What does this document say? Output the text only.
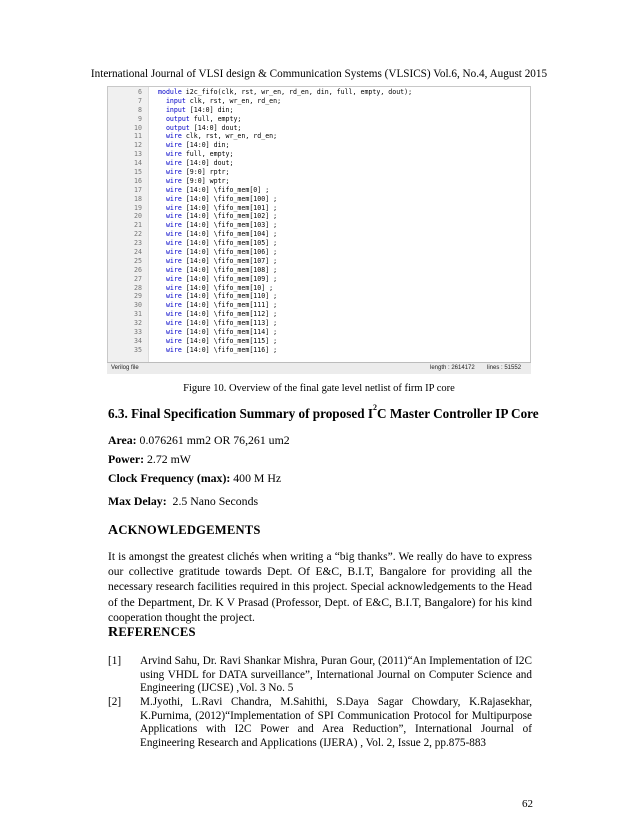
International Journal of VLSI design & Communication Systems (VLSICS) Vol.6, No.4, August 2015
6 module i2c_fifo(clk, rst, wr_en, rd_en, din, full, empty, dout);
7	input clk, rst, wr_en, rd_en;
8	input [14:0] din;
9	output full, empty;
10	output [14:0] dout;
11	wire clk, rst, wr_en, rd_en;
12	wire [14:0] din;
13	wire full, empty;
14	wire [14:0] dout;
15	wire [9:0] rptr;
16	wire [9:0] wptr;
17	wire [14:0] \fifo_mem[0] ;
18	wire [14:0] \fifo_mem[100] ;
19	wire [14:0] \fifo_mem[101] ;
20	wire [14:0] \fifo_mem[102] ;
21	wire [14:0] \fifo_mem[103] ;
22	wire [14:0] \fifo_mem[104] ;
23	wire [14:0] \fifo_mem[105] ;
24	wire [14:0] \fifo_mem[106] ;
25	wire [14:0] \fifo_mem[107] ;
26	wire [14:0] \fifo_mem[108] ;
27	wire [14:0] \fifo_mem[109] ;
28	wire [14:0] \fifo_mem[10] ;
29	wire [14:0] \fifo_mem[110] ;
30	wire [14:0] \fifo_mem[111] ;
31	wire [14:0] \fifo_mem[112] ;
32	wire [14:0] \fifo_mem[113] ;
33	wire [14:0] \fifo_mem[114] ;
34	wire [14:0] \fifo_mem[115] ;
35	wire [14:0] \fifo_mem[116] ;
Verilog file	length : 2614172 lines : 51552
Figure 10. Overview of the final gate level netlist of firm IP core
6.3. Final Specification Summary of proposed $I^2C$ Master Controller IP Core
Area: 0.076261 mm2 OR 76,261 um2
Power: 2.72 mW
Clock Frequency (max): 400 M Hz
Max Delay:  2.5 Nano Seconds
ACKNOWLEDGEMENTS
It is amongst the greatest clichés when writing a “big thanks”. We really do have to express our collective gratitude towards Dept. Of E&C, B.I.T, Bangalore for providing all the necessary research facilities required in this project. Special acknowledgements to the Head of the Department, Dr. K V Prasad (Professor, Dept. of E&C, B.I.T, Bangalore) for his kind cooperation thought the project.
REFERENCES
[1] Arvind Sahu, Dr. Ravi Shankar Mishra, Puran Gour, (2011)“An Implementation of I2C using VHDL for DATA surveillance”, International Journal on Computer Science and Engineering (IJCSE) ,Vol. 3 No. 5
[2] M.Jyothi, L.Ravi Chandra, M.Sahithi, S.Daya Sagar Chowdary, K.Rajasekhar, K.Purnima, (2012)“Implementation of SPI Communication Protocol for Multipurpose Applications with I2C Power and Area Reduction”, International Journal of Engineering Research and Applications (IJERA) , Vol. 2, Issue 2, pp.875-883
62
